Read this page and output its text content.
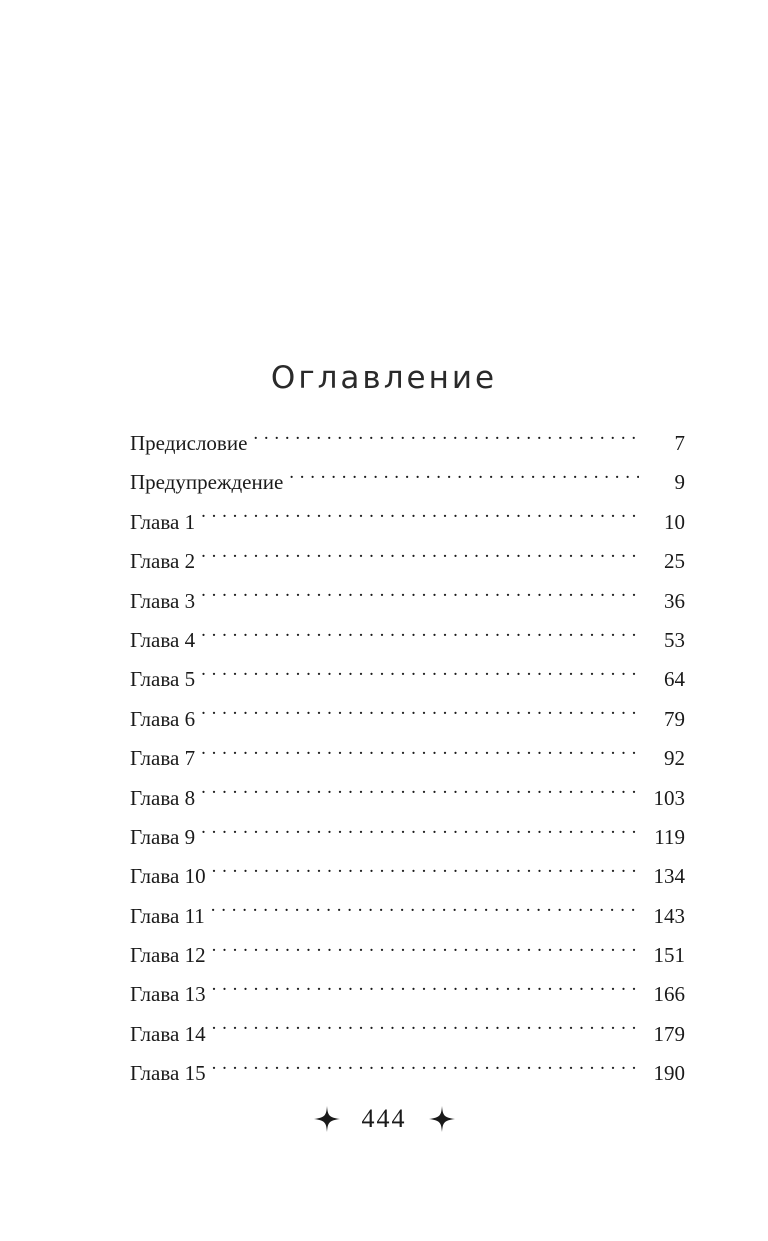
Оглавление
Предисловие . . .	7
Предупреждение . . .	9
Глава 1 . . .	10
Глава 2 . . .	25
Глава 3 . . .	36
Глава 4 . . .	53
Глава 5 . . .	64
Глава 6 . . .	79
Глава 7 . . .	92
Глава 8 . . .	103
Глава 9 . . .	119
Глава 10 . . .	134
Глава 11 . . .	143
Глава 12 . . .	151
Глава 13 . . .	166
Глава 14 . . .	179
Глава 15 . . .	190
444
